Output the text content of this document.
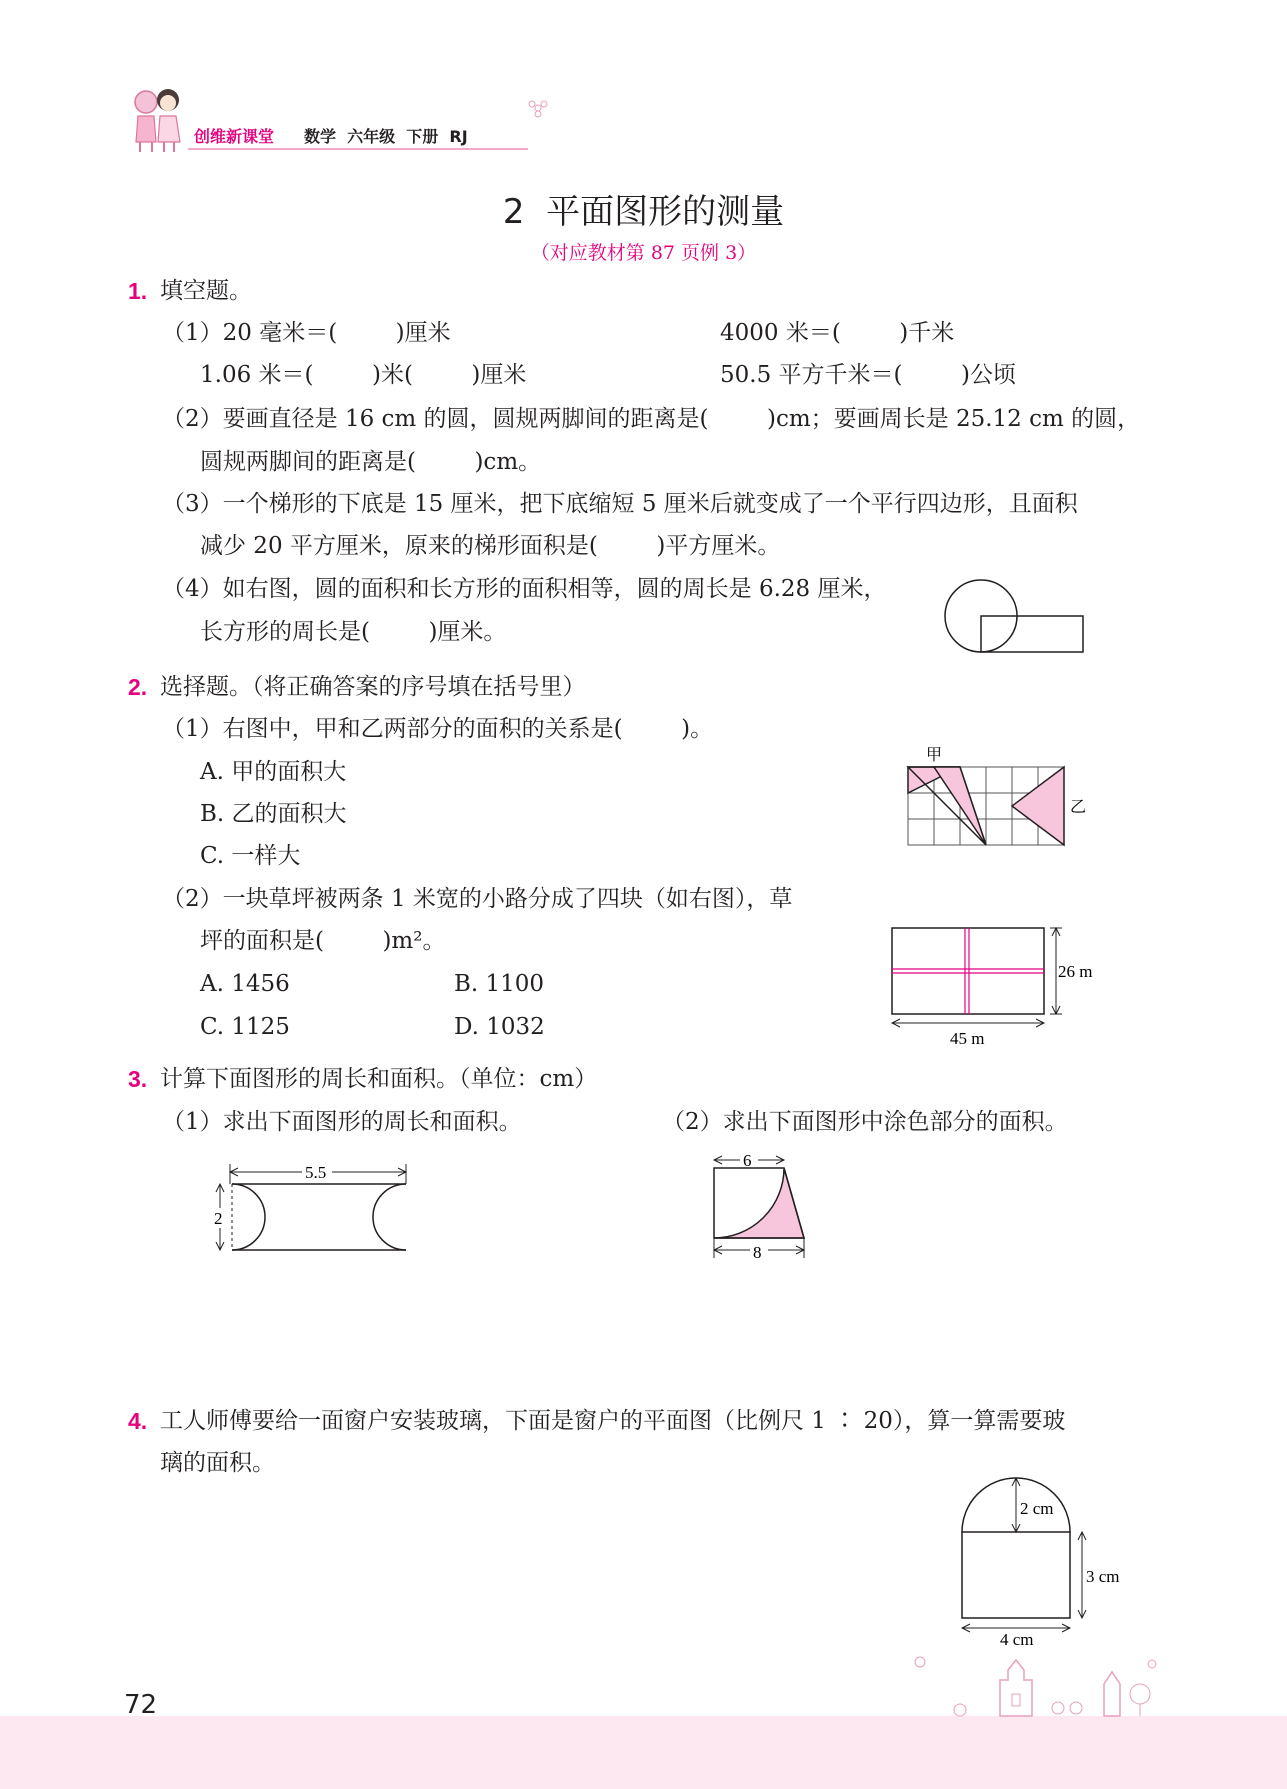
创维新课堂 数学  六年级  下册  RJ
2  平面图形的测量
（对应教材第 87 页例 3）
1. 填空题。
（1）20 毫米＝(        )厘米	4000 米＝(        )千米
1.06 米＝(        )米(        )厘米	50.5 平方千米＝(        )公顷
（2）要画直径是 16 cm 的圆，圆规两脚间的距离是(        )cm；要画周长是 25.12 cm 的圆，
圆规两脚间的距离是(        )cm。
（3）一个梯形的下底是 15 厘米，把下底缩短 5 厘米后就变成了一个平行四边形，且面积
减少 20 平方厘米，原来的梯形面积是(        )平方厘米。
（4）如右图，圆的面积和长方形的面积相等，圆的周长是 6.28 厘米，
长方形的周长是(        )厘米。
2. 选择题。（将正确答案的序号填在括号里）
（1）右图中，甲和乙两部分的面积的关系是(        )。
A. 甲的面积大
B. 乙的面积大
C. 一样大
甲
乙
（2）一块草坪被两条 1 米宽的小路分成了四块（如右图），草
坪的面积是(        )m²。
A. 1456	B. 1100
C. 1125	D. 1032
26 m
45 m
3. 计算下面图形的周长和面积。（单位：cm）
（1）求出下面图形的周长和面积。	（2）求出下面图形中涂色部分的面积。
5.5
2
6
8
4. 工人师傅要给一面窗户安装玻璃，下面是窗户的平面图（比例尺 1 ∶ 20），算一算需要玻
璃的面积。
2 cm
3 cm
4 cm
72
